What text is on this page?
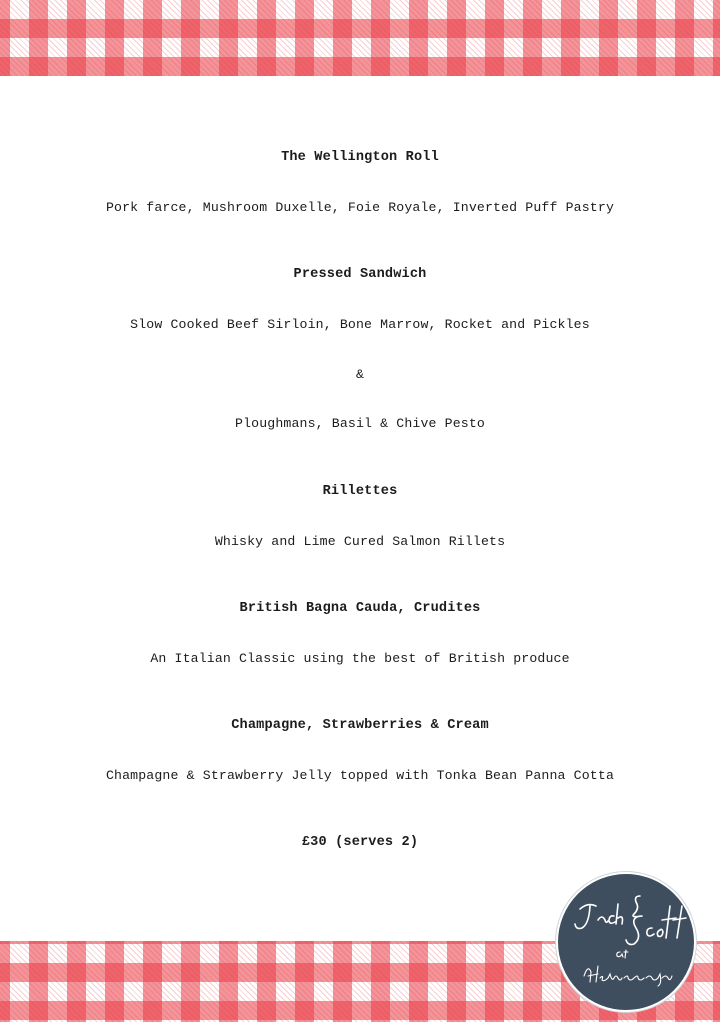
The Wellington Roll
Pork farce, Mushroom Duxelle, Foie Royale, Inverted Puff Pastry
Pressed Sandwich
Slow Cooked Beef Sirloin, Bone Marrow, Rocket and Pickles
&
Ploughmans, Basil & Chive Pesto
Rillettes
Whisky and Lime Cured Salmon Rillets
British Bagna Cauda, Crudites
An Italian Classic using the best of British produce
Champagne, Strawberries & Cream
Champagne & Strawberry Jelly topped with Tonka Bean Panna Cotta
£30 (serves 2)
